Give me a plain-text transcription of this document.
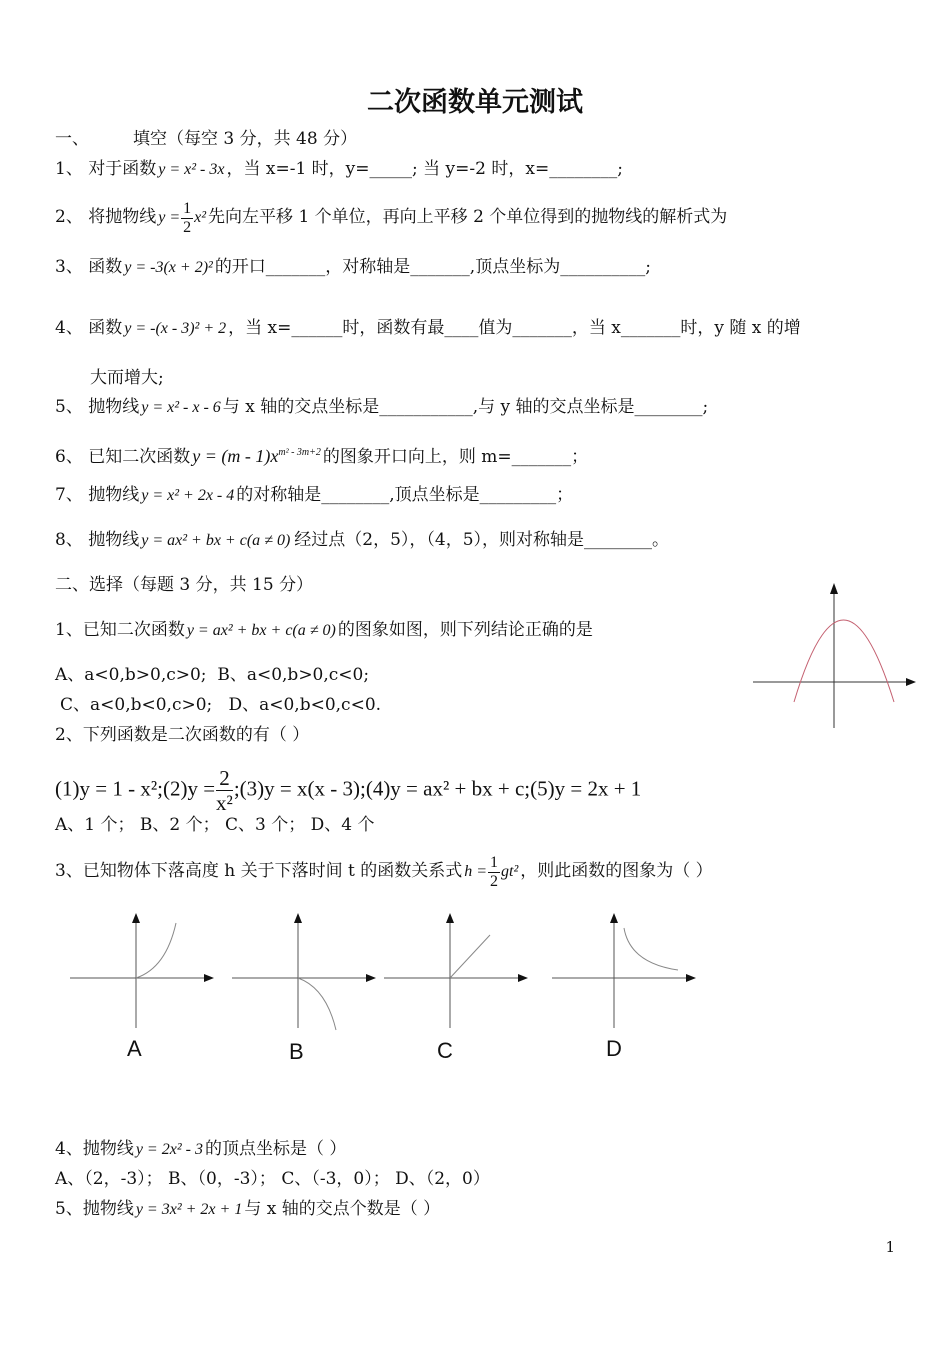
二次函数单元测试
一、	填空（每空 3 分，共 48 分）
1、 对于函数 y = x² - 3x ，当 x=-1 时，y=_____; 当 y=-2 时，x=________;
2、 将抛物线 $y = \frac{1}{2} x^2$ 先向左平移 1 个单位，再向上平移 2 个单位得到的抛物线的解析式为
3、 函数 y = -3(x + 2)² 的开口_______，对称轴是_______,顶点坐标为__________;
4、 函数 y = -(x - 3)² + 2 ，当 x=______时，函数有最____值为_______，当 x_______时，y 随 x 的增
大而增大;
5、 抛物线 y = x² - x - 6 与 x 轴的交点坐标是___________,与 y 轴的交点坐标是________;
6、 已知二次函数 $y = (m - 1)x^{m^2 - 3m+2}$ 的图象开口向上，则 m=_______；
7、 抛物线 y = x² + 2x - 4 的对称轴是________,顶点坐标是_________；
8、 抛物线 y = ax² + bx + c(a ≠ 0) 经过点（2，5），（4，5），则对称轴是________。
二、选择（每题 3 分，共 15 分）
1、已知二次函数 y = ax² + bx + c(a ≠ 0) 的图象如图，则下列结论正确的是
A、a<0,b>0,c>0; B、a<0,b>0,c<0;
C、a<0,b<0,c>0; D、a<0,b<0,c<0.
2、下列函数是二次函数的有（ ）
(1)y = 1 - x²;(2)y = $\frac{2}{\text{x²}}$ ;(3)y = x(x - 3);(4)y = ax² + bx + c;(5)y = 2x + 1
A、1 个； B、2 个； C、3 个； D、4 个
3、已知物体下落高度 h 关于下落时间 t 的函数关系式 $h = \frac{1}{2} gt^2$ ，则此函数的图象为（ ）
A	B	C	D
4、抛物线 y = 2x² - 3 的顶点坐标是（ ）
A、（2，-3）； B、（0，-3）； C、（-3，0）； D、（2，0）
5、抛物线 y = 3x² + 2x + 1 与 x 轴的交点个数是（ ）
1
